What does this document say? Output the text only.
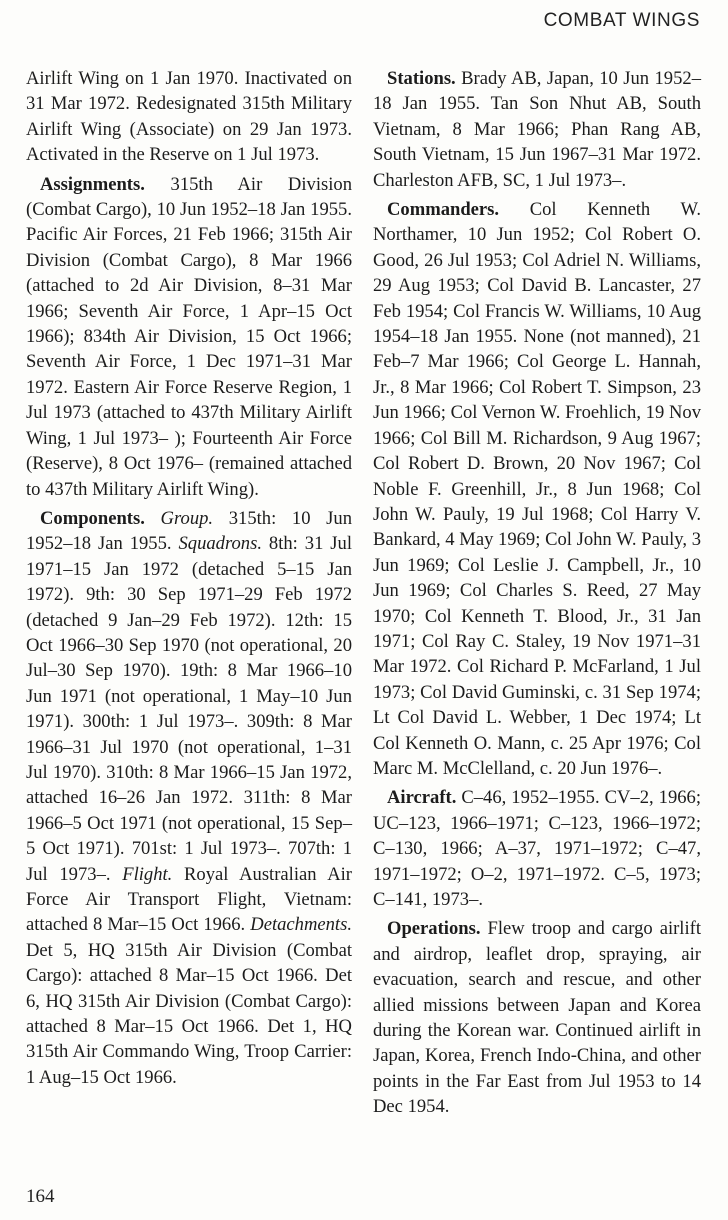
COMBAT WINGS

Airlift Wing on 1 Jan 1970. Inactivated on 31 Mar 1972. Redesignated 315th Military Airlift Wing (Associate) on 29 Jan 1973. Activated in the Reserve on 1 Jul 1973.

Assignments. 315th Air Division (Combat Cargo), 10 Jun 1952–18 Jan 1955. Pacific Air Forces, 21 Feb 1966; 315th Air Division (Combat Cargo), 8 Mar 1966 (attached to 2d Air Division, 8–31 Mar 1966; Seventh Air Force, 1 Apr–15 Oct 1966); 834th Air Division, 15 Oct 1966; Seventh Air Force, 1 Dec 1971–31 Mar 1972. Eastern Air Force Reserve Region, 1 Jul 1973 (attached to 437th Military Airlift Wing, 1 Jul 1973– ); Fourteenth Air Force (Reserve), 8 Oct 1976– (remained attached to 437th Military Airlift Wing).

Components. Group. 315th: 10 Jun 1952–18 Jan 1955. Squadrons. 8th: 31 Jul 1971–15 Jan 1972 (detached 5–15 Jan 1972). 9th: 30 Sep 1971–29 Feb 1972 (detached 9 Jan–29 Feb 1972). 12th: 15 Oct 1966–30 Sep 1970 (not operational, 20 Jul–30 Sep 1970). 19th: 8 Mar 1966–10 Jun 1971 (not operational, 1 May–10 Jun 1971). 300th: 1 Jul 1973–. 309th: 8 Mar 1966–31 Jul 1970 (not operational, 1–31 Jul 1970). 310th: 8 Mar 1966–15 Jan 1972, attached 16–26 Jan 1972. 311th: 8 Mar 1966–5 Oct 1971 (not operational, 15 Sep–5 Oct 1971). 701st: 1 Jul 1973–. 707th: 1 Jul 1973–. Flight. Royal Australian Air Force Air Transport Flight, Vietnam: attached 8 Mar–15 Oct 1966. Detachments. Det 5, HQ 315th Air Division (Combat Cargo): attached 8 Mar–15 Oct 1966. Det 6, HQ 315th Air Division (Combat Cargo): attached 8 Mar–15 Oct 1966. Det 1, HQ 315th Air Commando Wing, Troop Carrier: 1 Aug–15 Oct 1966.

Stations. Brady AB, Japan, 10 Jun 1952–18 Jan 1955. Tan Son Nhut AB, South Vietnam, 8 Mar 1966; Phan Rang AB, South Vietnam, 15 Jun 1967–31 Mar 1972. Charleston AFB, SC, 1 Jul 1973–.

Commanders. Col Kenneth W. Northamer, 10 Jun 1952; Col Robert O. Good, 26 Jul 1953; Col Adriel N. Williams, 29 Aug 1953; Col David B. Lancaster, 27 Feb 1954; Col Francis W. Williams, 10 Aug 1954–18 Jan 1955. None (not manned), 21 Feb–7 Mar 1966; Col George L. Hannah, Jr., 8 Mar 1966; Col Robert T. Simpson, 23 Jun 1966; Col Vernon W. Froehlich, 19 Nov 1966; Col Bill M. Richardson, 9 Aug 1967; Col Robert D. Brown, 20 Nov 1967; Col Noble F. Greenhill, Jr., 8 Jun 1968; Col John W. Pauly, 19 Jul 1968; Col Harry V. Bankard, 4 May 1969; Col John W. Pauly, 3 Jun 1969; Col Leslie J. Campbell, Jr., 10 Jun 1969; Col Charles S. Reed, 27 May 1970; Col Kenneth T. Blood, Jr., 31 Jan 1971; Col Ray C. Staley, 19 Nov 1971–31 Mar 1972. Col Richard P. McFarland, 1 Jul 1973; Col David Guminski, c. 31 Sep 1974; Lt Col David L. Webber, 1 Dec 1974; Lt Col Kenneth O. Mann, c. 25 Apr 1976; Col Marc M. McClelland, c. 20 Jun 1976–.

Aircraft. C–46, 1952–1955. CV–2, 1966; UC–123, 1966–1971; C–123, 1966–1972; C–130, 1966; A–37, 1971–1972; C–47, 1971–1972; O–2, 1971–1972. C–5, 1973; C–141, 1973–.

Operations. Flew troop and cargo airlift and airdrop, leaflet drop, spraying, air evacuation, search and rescue, and other allied missions between Japan and Korea during the Korean war. Continued airlift in Japan, Korea, French Indo-China, and other points in the Far East from Jul 1953 to 14 Dec 1954.

164
